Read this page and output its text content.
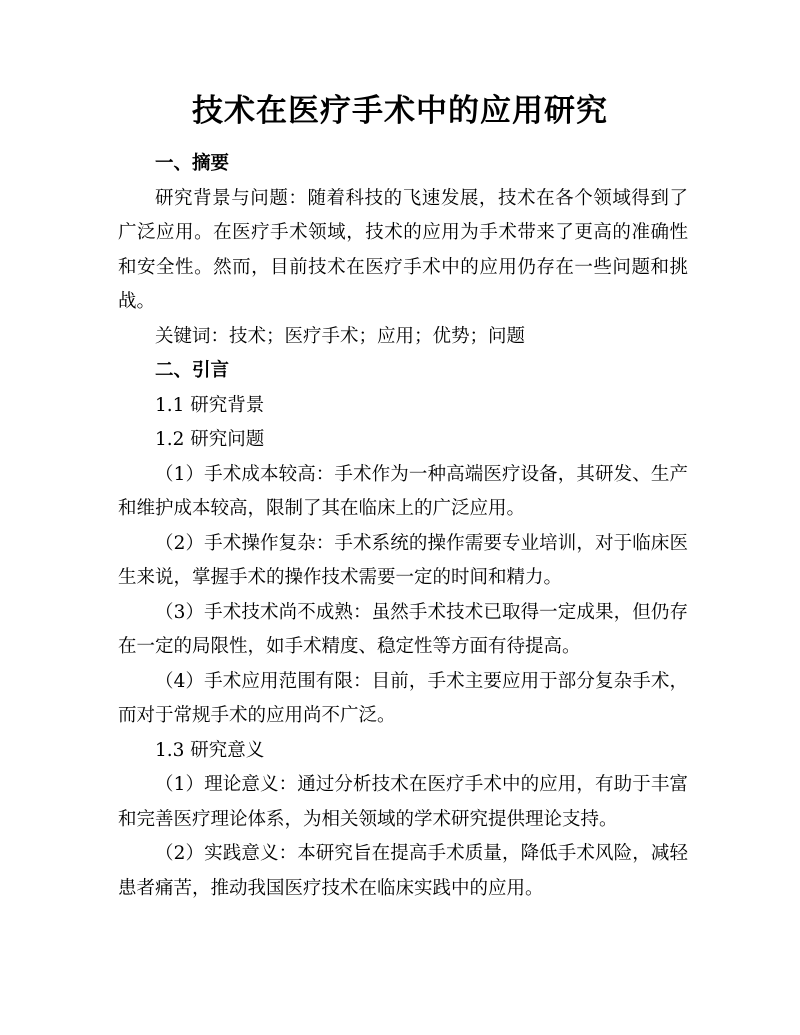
技术在医疗手术中的应用研究

一、摘要

研究背景与问题：随着科技的飞速发展，技术在各个领域得到了广泛应用。在医疗手术领域，技术的应用为手术带来了更高的准确性和安全性。然而，目前技术在医疗手术中的应用仍存在一些问题和挑战。

关键词：技术；医疗手术；应用；优势；问题

二、引言

1.1 研究背景

1.2 研究问题

（1）手术成本较高：手术作为一种高端医疗设备，其研发、生产和维护成本较高，限制了其在临床上的广泛应用。

（2）手术操作复杂：手术系统的操作需要专业培训，对于临床医生来说，掌握手术的操作技术需要一定的时间和精力。

（3）手术技术尚不成熟：虽然手术技术已取得一定成果，但仍存在一定的局限性，如手术精度、稳定性等方面有待提高。

（4）手术应用范围有限：目前，手术主要应用于部分复杂手术，而对于常规手术的应用尚不广泛。

1.3 研究意义

（1）理论意义：通过分析技术在医疗手术中的应用，有助于丰富和完善医疗理论体系，为相关领域的学术研究提供理论支持。

（2）实践意义：本研究旨在提高手术质量，降低手术风险，减轻患者痛苦，推动我国医疗技术在临床实践中的应用。
